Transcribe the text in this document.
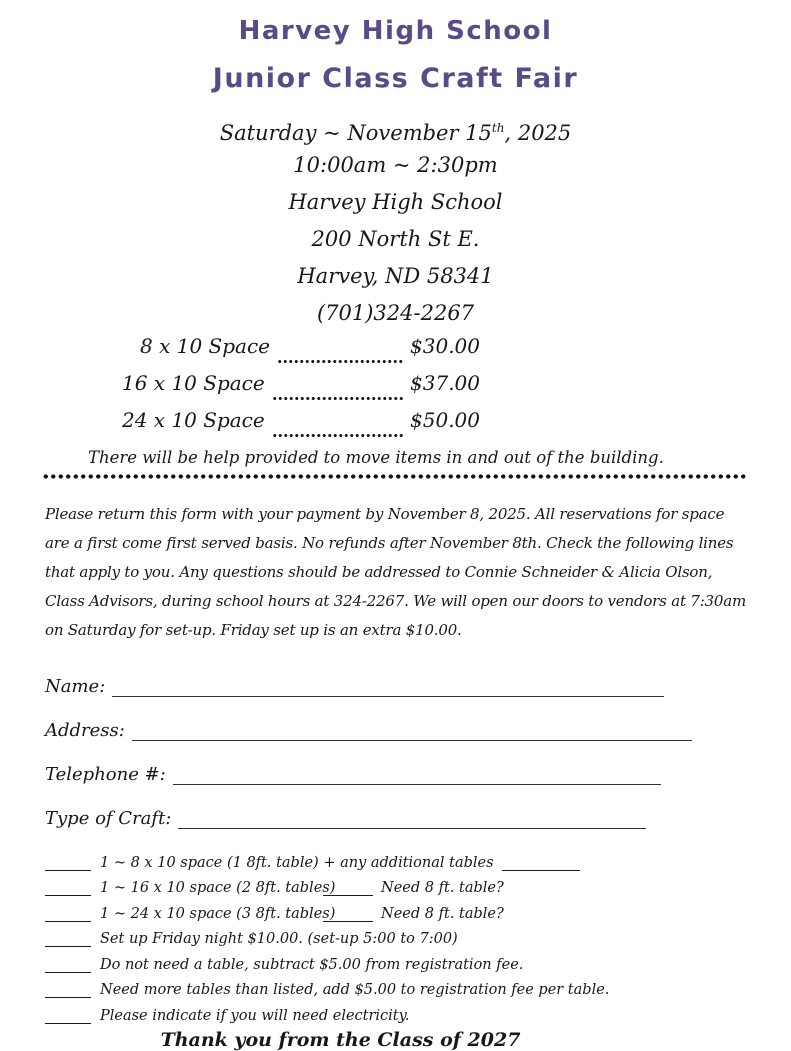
Harvey High School
Junior Class Craft Fair
Saturday ~ November 15th, 2025
10:00am ~ 2:30pm
Harvey High School
200 North St E.
Harvey, ND 58341
(701)324-2267
8 x 10 Space	$30.00
16 x 10 Space	$37.00
24 x 10 Space	$50.00
There will be help provided to move items in and out of the building.
Please return this form with your payment by November 8, 2025. All reservations for space are a first come first served basis. No refunds after November 8th. Check the following lines that apply to you. Any questions should be addressed to Connie Schneider & Alicia Olson, Class Advisors, during school hours at 324-2267. We will open our doors to vendors at 7:30am on Saturday for set-up. Friday set up is an extra $10.00.
Name:
Address:
Telephone #:
Type of Craft:
1 ~ 8 x 10 space (1 8ft. table) + any additional tables
1 ~ 16 x 10 space (2 8ft. tables)	Need 8 ft. table?
1 ~ 24 x 10 space (3 8ft. tables)	Need 8 ft. table?
Set up Friday night $10.00. (set-up 5:00 to 7:00)
Do not need a table, subtract $5.00 from registration fee.
Need more tables than listed, add $5.00 to registration fee per table.
Please indicate if you will need electricity.
Thank you from the Class of 2027
